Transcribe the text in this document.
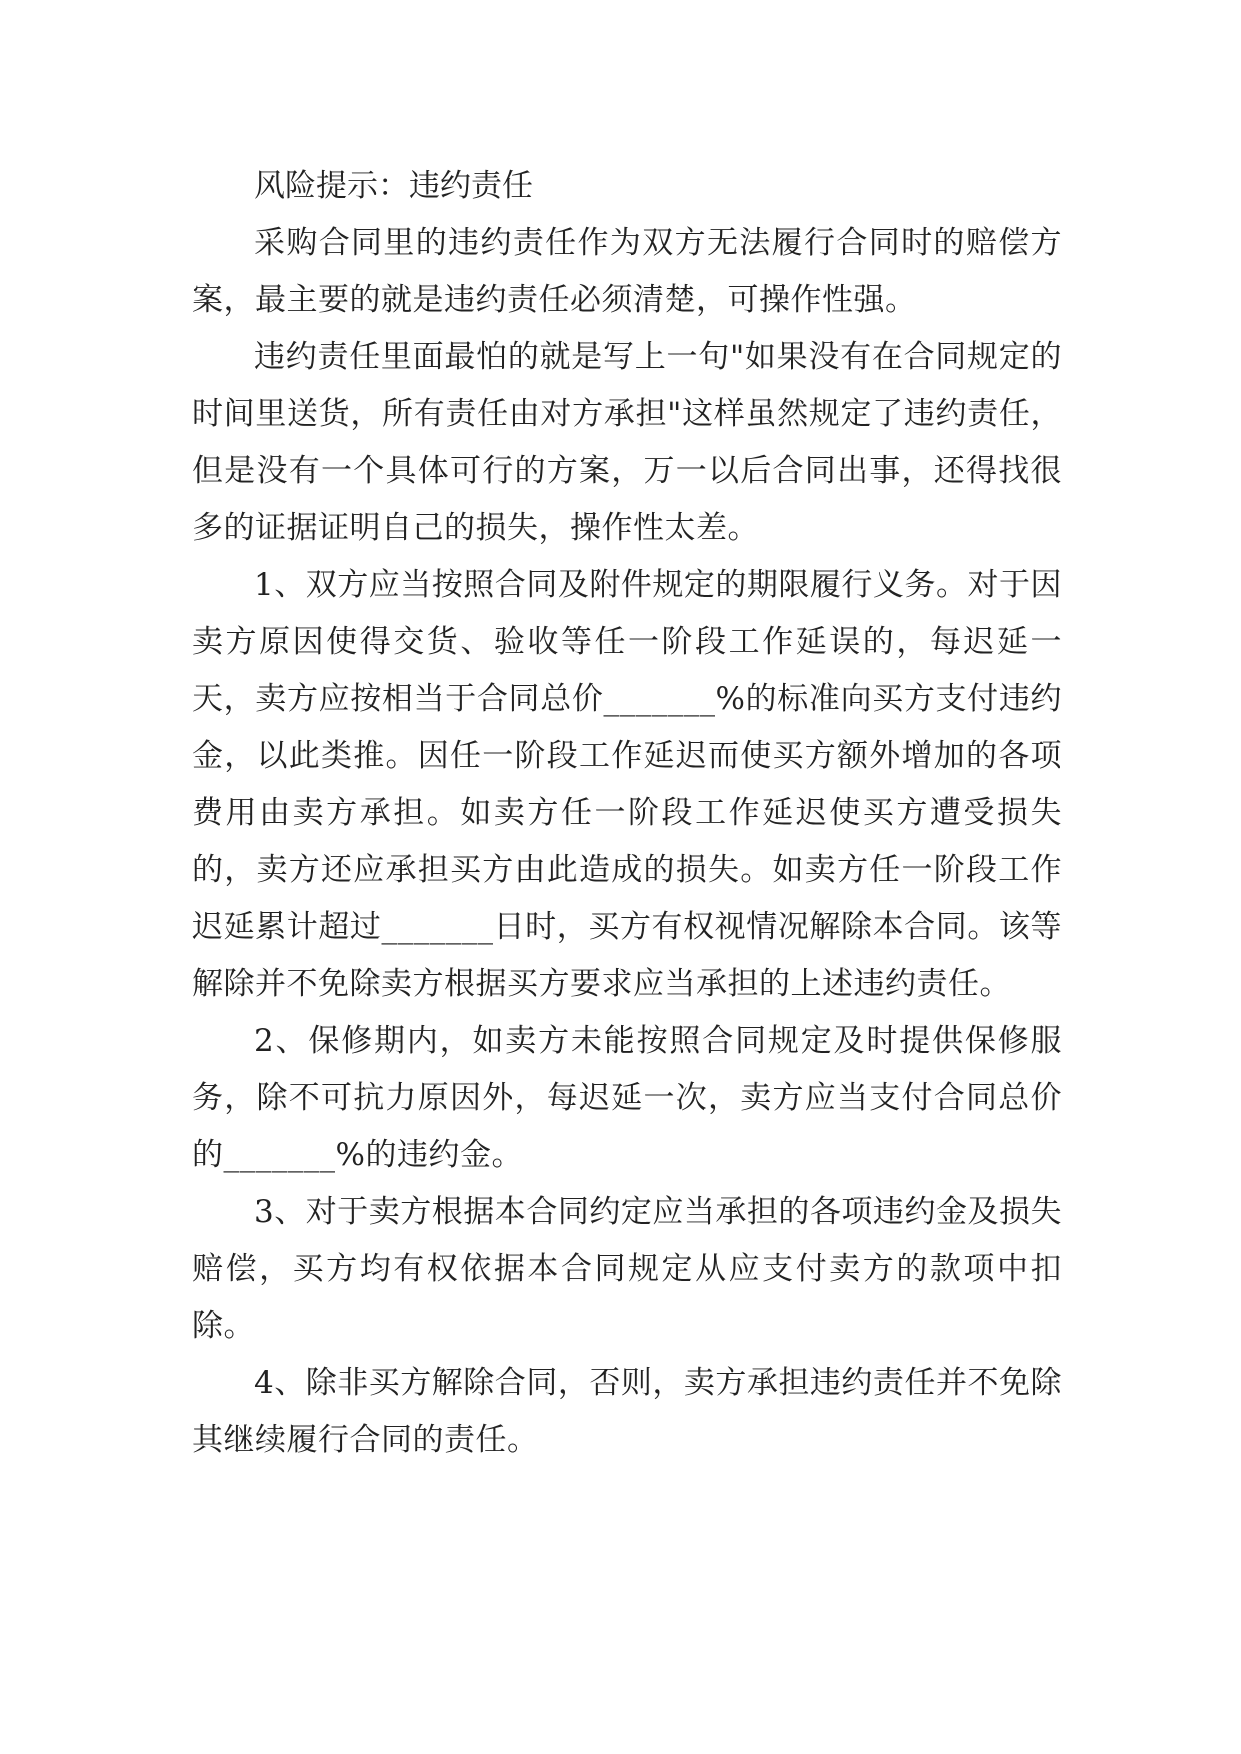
风险提示：违约责任

采购合同里的违约责任作为双方无法履行合同时的赔偿方案，最主要的就是违约责任必须清楚，可操作性强。

违约责任里面最怕的就是写上一句"如果没有在合同规定的时间里送货，所有责任由对方承担"这样虽然规定了违约责任，但是没有一个具体可行的方案，万一以后合同出事，还得找很多的证据证明自己的损失，操作性太差。

1、双方应当按照合同及附件规定的期限履行义务。对于因卖方原因使得交货、验收等任一阶段工作延误的，每迟延一天，卖方应按相当于合同总价_______%的标准向买方支付违约金，以此类推。因任一阶段工作延迟而使买方额外增加的各项费用由卖方承担。如卖方任一阶段工作延迟使买方遭受损失的，卖方还应承担买方由此造成的损失。如卖方任一阶段工作迟延累计超过_______日时，买方有权视情况解除本合同。该等解除并不免除卖方根据买方要求应当承担的上述违约责任。

2、保修期内，如卖方未能按照合同规定及时提供保修服务，除不可抗力原因外，每迟延一次，卖方应当支付合同总价的_______%的违约金。

3、对于卖方根据本合同约定应当承担的各项违约金及损失赔偿，买方均有权依据本合同规定从应支付卖方的款项中扣除。

4、除非买方解除合同，否则，卖方承担违约责任并不免除其继续履行合同的责任。
